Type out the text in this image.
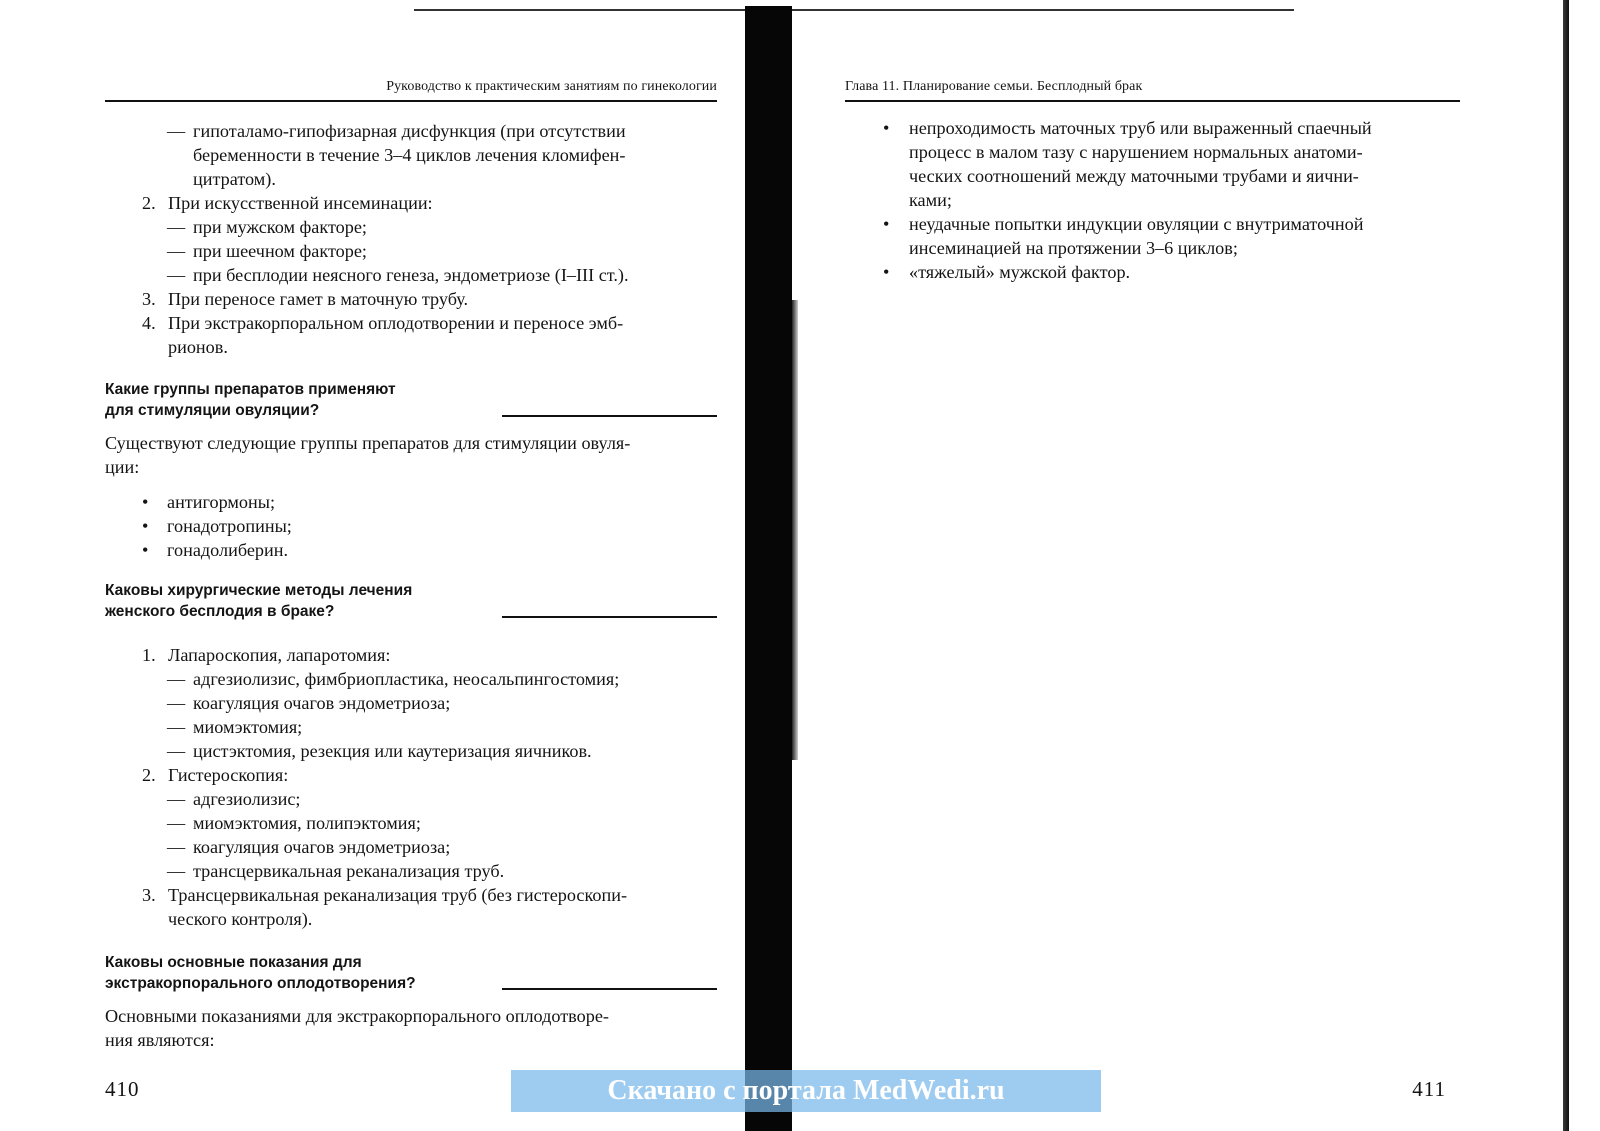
Руководство к практическим занятиям по гинекологии
— гипоталамо-гипофизарная дисфункция (при отсутствии
беременности в течение 3–4 циклов лечения кломифен-
цитратом).
2. При искусственной инсеминации:
— при мужском факторе;
— при шеечном факторе;
— при бесплодии неясного генеза, эндометриозе (I–III ст.).
3. При переносе гамет в маточную трубу.
4. При экстракорпоральном оплодотворении и переносе эмб-
рионов.
Какие группы препаратов применяют
для стимуляции овуляции?
Существуют следующие группы препаратов для стимуляции овуля-
ции:
• антигормоны;
• гонадотропины;
• гонадолиберин.
Каковы хирургические методы лечения
женского бесплодия в браке?
1. Лапароскопия, лапаротомия:
— адгезиолизис, фимбриопластика, неосальпингостомия;
— коагуляция очагов эндометриоза;
— миомэктомия;
— цистэктомия, резекция или каутеризация яичников.
2. Гистероскопия:
— адгезиолизис;
— миомэктомия, полипэктомия;
— коагуляция очагов эндометриоза;
— трансцервикальная реканализация труб.
3. Трансцервикальная реканализация труб (без гистероскопи-
ческого контроля).
Каковы основные показания для
экстракорпорального оплодотворения?
Основными показаниями для экстракорпорального оплодотворе-
ния являются:
410
Глава 11. Планирование семьи. Бесплодный брак
• непроходимость маточных труб или выраженный спаечный
процесс в малом тазу с нарушением нормальных анатоми-
ческих соотношений между маточными трубами и яични-
ками;
• неудачные попытки индукции овуляции с внутриматочной
инсеминацией на протяжении 3–6 циклов;
• «тяжелый» мужской фактор.
411
Скачано с портала MedWedi.ru
